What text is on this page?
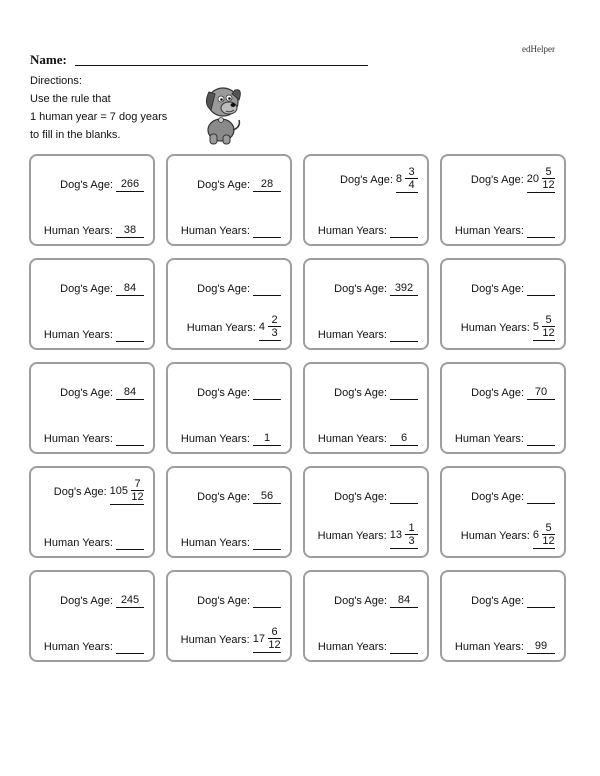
edHelper
Name:
Directions:
Use the rule that
1 human year = 7 dog years
to fill in the blanks.
Dog's Age: 266
Human Years: 38
Dog's Age: 28
Human Years:
Dog's Age: $8 \frac{3}{4}$
Human Years:
Dog's Age: $20 \frac{5}{12}$
Human Years:
Dog's Age: 84
Human Years:
Dog's Age:
Human Years: $4 \frac{2}{3}$
Dog's Age: 392
Human Years:
Dog's Age:
Human Years: $5 \frac{5}{12}$
Dog's Age: 84
Human Years:
Dog's Age:
Human Years:	1
Dog's Age:
Human Years:	6
Dog's Age: 70
Human Years:
Dog's Age: $105 \frac{7}{12}$
Human Years:
Dog's Age: 56
Human Years:
Dog's Age:
Human Years: $13 \frac{1}{3}$
Dog's Age:
Human Years: $6 \frac{5}{12}$
Dog's Age: 245
Human Years:
Dog's Age:
Human Years: $17 \frac{6}{12}$
Dog's Age: 84
Human Years:
Dog's Age:
Human Years: 99
